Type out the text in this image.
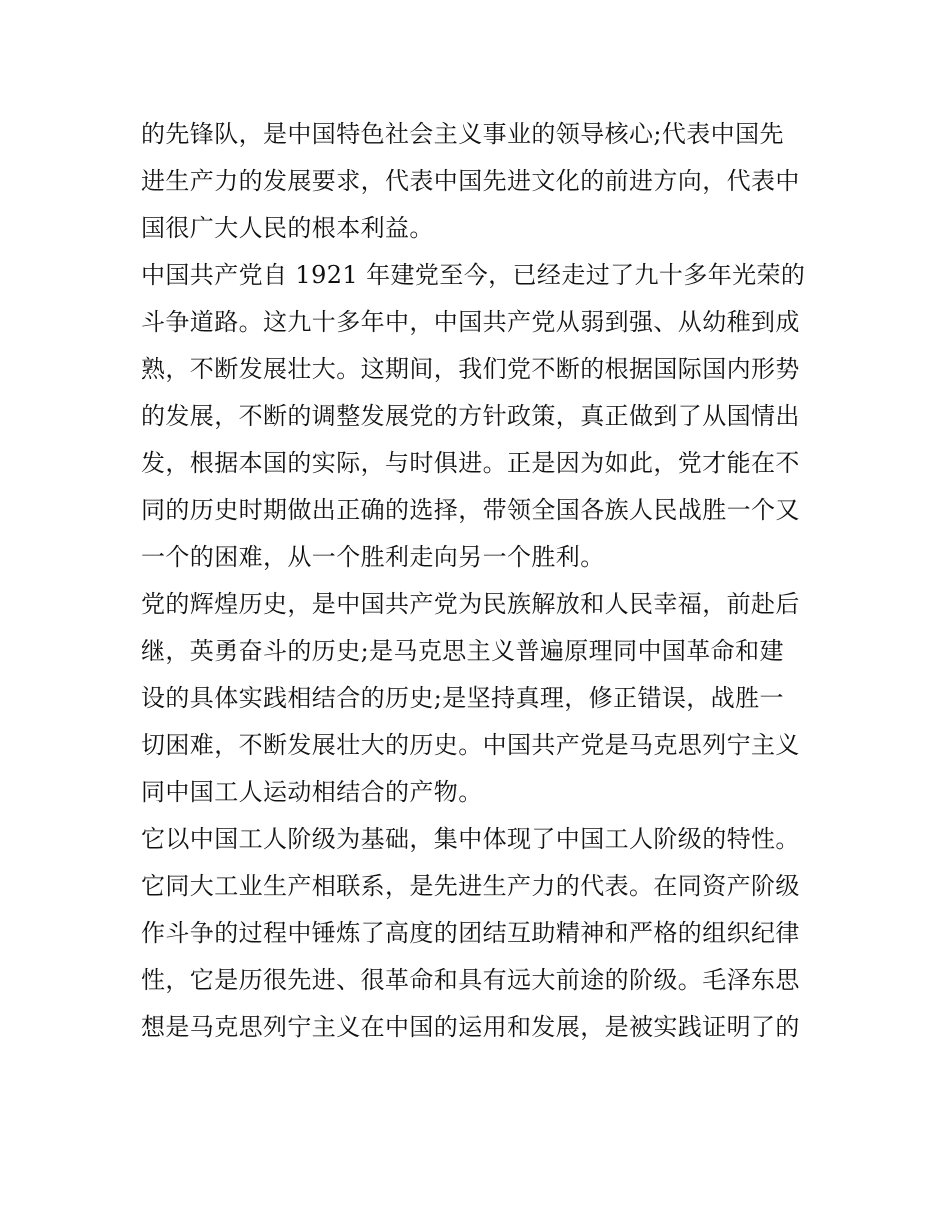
的先锋队，是中国特色社会主义事业的领导核心;代表中国先
进生产力的发展要求，代表中国先进文化的前进方向，代表中
国很广大人民的根本利益。
中国共产党自 1921 年建党至今，已经走过了九十多年光荣的
斗争道路。这九十多年中，中国共产党从弱到强、从幼稚到成
熟，不断发展壮大。这期间，我们党不断的根据国际国内形势
的发展，不断的调整发展党的方针政策，真正做到了从国情出
发，根据本国的实际，与时俱进。正是因为如此，党才能在不
同的历史时期做出正确的选择，带领全国各族人民战胜一个又
一个的困难，从一个胜利走向另一个胜利。
党的辉煌历史，是中国共产党为民族解放和人民幸福，前赴后
继，英勇奋斗的历史;是马克思主义普遍原理同中国革命和建
设的具体实践相结合的历史;是坚持真理，修正错误，战胜一
切困难，不断发展壮大的历史。中国共产党是马克思列宁主义
同中国工人运动相结合的产物。
它以中国工人阶级为基础，集中体现了中国工人阶级的特性。
它同大工业生产相联系，是先进生产力的代表。在同资产阶级
作斗争的过程中锤炼了高度的团结互助精神和严格的组织纪律
性，它是历很先进、很革命和具有远大前途的阶级。毛泽东思
想是马克思列宁主义在中国的运用和发展，是被实践证明了的
